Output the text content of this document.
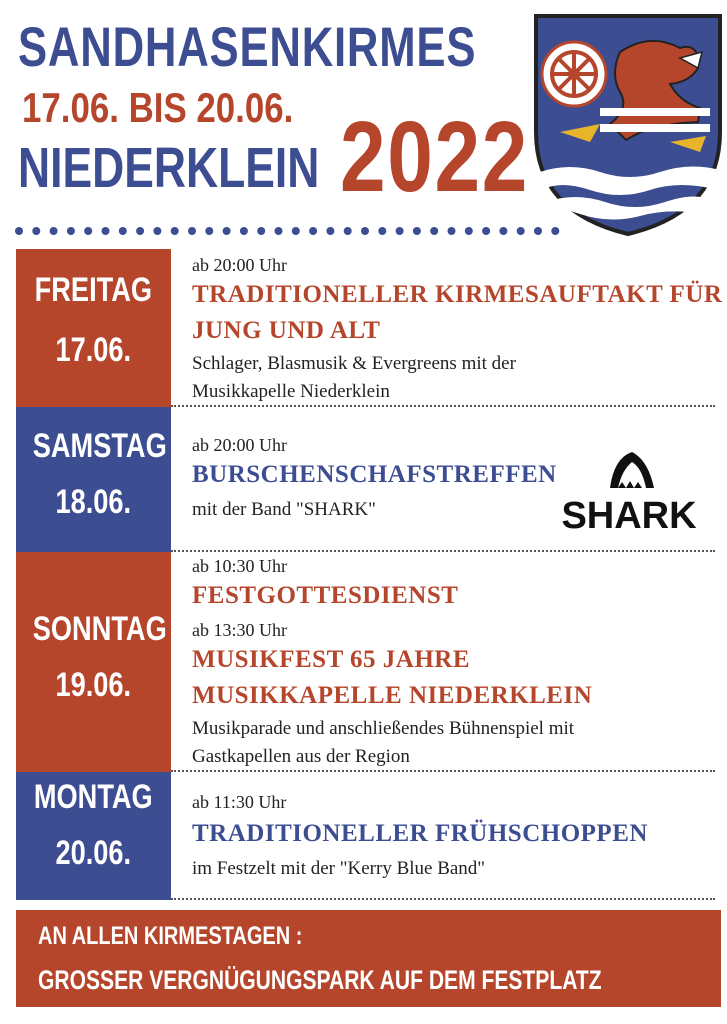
SANDHASENKIRMES
17.06. BIS 20.06.
NIEDERKLEIN 2022
FREITAG
17.06.
ab 20:00 Uhr
TRADITIONELLER KIRMESAUFTAKT FÜR
JUNG UND ALT
Schlager, Blasmusik & Evergreens mit der
Musikkapelle Niederklein
SAMSTAG
18.06.
ab 20:00 Uhr
BURSCHENSCHAFSTREFFEN
mit der Band "SHARK"	SHARK
SONNTAG
19.06.
ab 10:30 Uhr
FESTGOTTESDIENST
ab 13:30 Uhr
MUSIKFEST 65 JAHRE
MUSIKKAPELLE NIEDERKLEIN
Musikparade und anschließendes Bühnenspiel mit
Gastkapellen aus der Region
MONTAG
20.06.
ab 11:30 Uhr
TRADITIONELLER FRÜHSCHOPPEN
im Festzelt mit der "Kerry Blue Band"
AN ALLEN KIRMESTAGEN :
GROSSER VERGNÜGUNGSPARK AUF DEM FESTPLATZ
